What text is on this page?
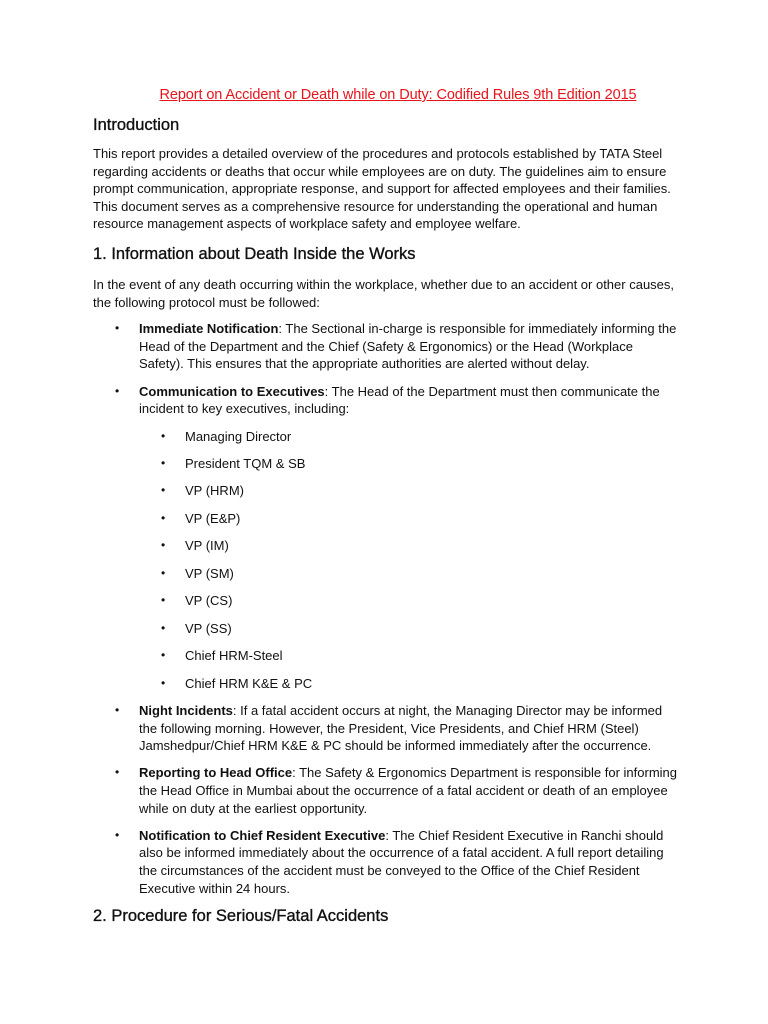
Report on Accident or Death while on Duty: Codified Rules 9th Edition 2015
Introduction

This report provides a detailed overview of the procedures and protocols established by TATA Steel regarding accidents or deaths that occur while employees are on duty. The guidelines aim to ensure prompt communication, appropriate response, and support for affected employees and their families. This document serves as a comprehensive resource for understanding the operational and human resource management aspects of workplace safety and employee welfare.

1. Information about Death Inside the Works

In the event of any death occurring within the workplace, whether due to an accident or other causes, the following protocol must be followed:

• Immediate Notification: The Sectional in-charge is responsible for immediately informing the Head of the Department and the Chief (Safety & Ergonomics) or the Head (Workplace Safety). This ensures that the appropriate authorities are alerted without delay.
• Communication to Executives: The Head of the Department must then communicate the incident to key executives, including:
• Managing Director
• President TQM & SB
• VP (HRM)
• VP (E&P)
• VP (IM)
• VP (SM)
• VP (CS)
• VP (SS)
• Chief HRM-Steel
• Chief HRM K&E & PC
• Night Incidents: If a fatal accident occurs at night, the Managing Director may be informed the following morning. However, the President, Vice Presidents, and Chief HRM (Steel) Jamshedpur/Chief HRM K&E & PC should be informed immediately after the occurrence.
• Reporting to Head Office: The Safety & Ergonomics Department is responsible for informing the Head Office in Mumbai about the occurrence of a fatal accident or death of an employee while on duty at the earliest opportunity.
• Notification to Chief Resident Executive: The Chief Resident Executive in Ranchi should also be informed immediately about the occurrence of a fatal accident. A full report detailing the circumstances of the accident must be conveyed to the Office of the Chief Resident Executive within 24 hours.
2. Procedure for Serious/Fatal Accidents
